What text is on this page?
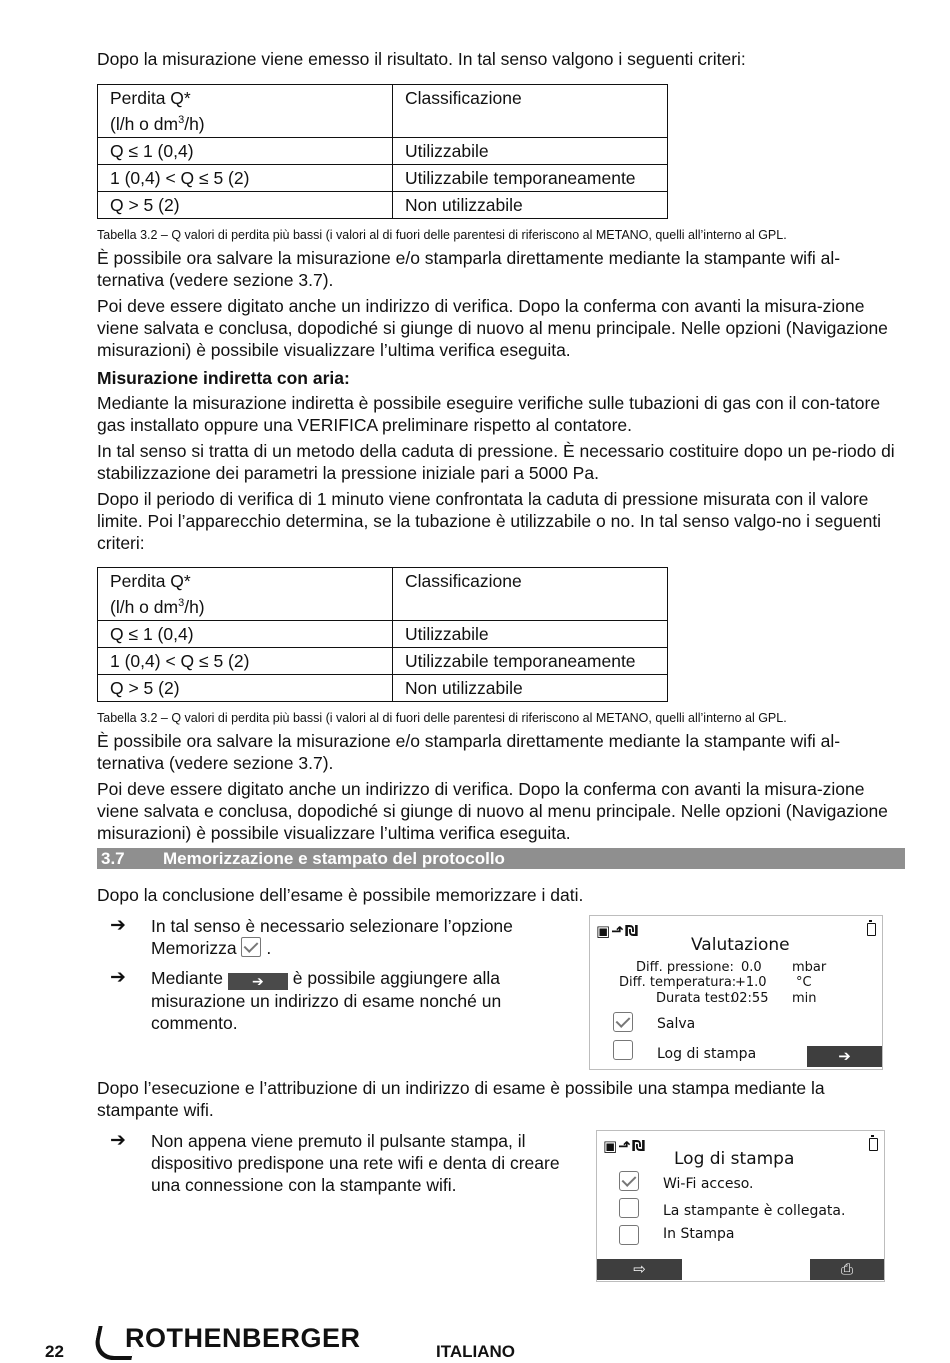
Dopo la misurazione viene emesso il risultato. In tal senso valgono i seguenti criteri:

Perdita Q*
(l/h o $dm^3/h$)	Classificazione
Q ≤ 1 (0,4)	Utilizzabile
1 (0,4) < Q ≤ 5 (2)	Utilizzabile temporaneamente
Q > 5 (2)	Non utilizzabile

Tabella 3.2 – Q valori di perdita più bassi (i valori al di fuori delle parentesi di riferiscono al METANO, quelli all’interno al GPL.

È possibile ora salvare la misurazione e/o stamparla direttamente mediante la stampante wifi al-ternativa (vedere sezione 3.7).

Poi deve essere digitato anche un indirizzo di verifica. Dopo la conferma con avanti la misura-zione viene salvata e conclusa, dopodiché si giunge di nuovo al menu principale. Nelle opzioni (Navigazione misurazioni) è possibile visualizzare l’ultima verifica eseguita.

Misurazione indiretta con aria:

Mediante la misurazione indiretta è possibile eseguire verifiche sulle tubazioni di gas con il con-tatore gas installato oppure una VERIFICA preliminare rispetto al contatore.

In tal senso si tratta di un metodo della caduta di pressione. È necessario costituire dopo un pe-riodo di stabilizzazione dei parametri la pressione iniziale pari a 5000 Pa.

Dopo il periodo di verifica di 1 minuto viene confrontata la caduta di pressione misurata con il valore limite. Poi l’apparecchio determina, se la tubazione è utilizzabile o no. In tal senso valgo-no i seguenti criteri:

Perdita Q*
(l/h o $dm^3/h$)	Classificazione
Q ≤ 1 (0,4)	Utilizzabile
1 (0,4) < Q ≤ 5 (2)	Utilizzabile temporaneamente
Q > 5 (2)	Non utilizzabile

Tabella 3.2 – Q valori di perdita più bassi (i valori al di fuori delle parentesi di riferiscono al METANO, quelli all’interno al GPL.

È possibile ora salvare la misurazione e/o stamparla direttamente mediante la stampante wifi al-ternativa (vedere sezione 3.7).

Poi deve essere digitato anche un indirizzo di verifica. Dopo la conferma con avanti la misura-zione viene salvata e conclusa, dopodiché si giunge di nuovo al menu principale. Nelle opzioni (Navigazione misurazioni) è possibile visualizzare l’ultima verifica eseguita.

3.7 Memorizzazione e stampato del protocollo

Dopo la conclusione dell’esame è possibile memorizzare i dati.

➔ In tal senso è necessario selezionare l’opzione Memorizza .
➔ Mediante ➔ è possibile aggiungere alla misurazione un indirizzo di esame nonché un commento.
▣⬏₪
Valutazione
Diff. pressione: 0.0 mbar
Diff. temperatura:
+1.0 °C
Durata test:
02:55 min
Salva
Log di stampa	➔

Dopo l’esecuzione e l’attribuzione di un indirizzo di esame è possibile una stampa mediante la stampante wifi.

➔ Non appena viene premuto il pulsante stampa, il dispositivo predispone una rete wifi e denta di creare una connessione con la stampante wifi.
▣⬏₪
Log di stampa
Wi-Fi acceso.
La stampante è collegata.
In Stampa
⇨	⎙
22 ROTHENBERGER	ITALIANO
